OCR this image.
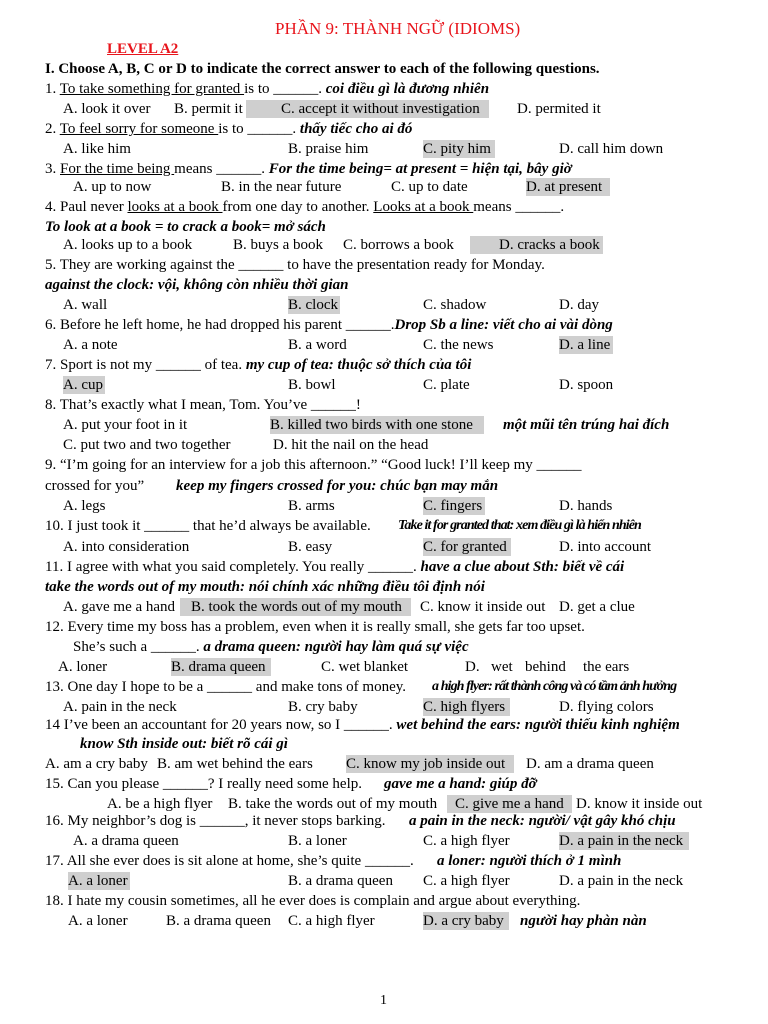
PHẦN 9: THÀNH NGỮ (IDIOMS)
LEVEL A2
I. Choose A, B, C or D to indicate the correct answer to each of the following questions.
1. To take something for granted is to ______. coi điều gì là đương nhiên
A. look it over B. permit it	C. accept it without investigation	D. permited it
2. To feel sorry for someone is to ______. thấy tiếc cho ai đó
A. like him	B. praise him	C. pity him	D. call him down
3. For the time being means ______. For the time being= at present = hiện tại, bây giờ
A. up to now	B. in the near future	C. up to date	D. at present
4. Paul never looks at a book from one day to another. Looks at a book means ______.
To look at a book = to crack a book= mở sách
A. looks up to a book	B. buys a book C. borrows a book	D. cracks a book
5. They are working against the ______ to have the presentation ready for Monday.
against the clock: vội, không còn nhiều thời gian
A. wall	B. clock	C. shadow	D. day
6. Before he left home, he had dropped his parent ______.Drop Sb a line: viết cho ai vài dòng
A. a note	B. a word	C. the news	D. a line
7. Sport is not my ______ of tea. my cup of tea: thuộc sở thích của tôi
A. cup	B. bowl	C. plate	D. spoon
8. That’s exactly what I mean, Tom. You’ve ______!
A. put your foot in it	B. killed two birds with one stone	một mũi tên trúng hai đích
C. put two and two together	D. hit the nail on the head
9. “I’m going for an interview for a job this afternoon.” “Good luck! I’ll keep my ______
crossed for you” keep my fingers crossed for you: chúc bạn may mắn
A. legs	B. arms	C. fingers	D. hands
10. I just took it ______ that he’d always be available. Take it for granted that: xem điều gì là hiển nhiên
A. into consideration	B. easy	C. for granted	D. into account
11. I agree with what you said completely. You really ______. have a clue about Sth: biết về cái
take the words out of my mouth: nói chính xác những điều tôi định nói
A. gave me a hand	B. took the words out of my mouth	C. know it inside out D. get a clue
12. Every time my boss has a problem, even when it is really small, she gets far too upset.
She’s such a ______. a drama queen: người hay làm quá sự việc
A. loner	B. drama queen	C. wet blanket	D. wet behind the ears
13. One day I hope to be a ______ and make tons of money. a high flyer: rất thành công và có tầm ảnh hưởng
A. pain in the neck	B. cry baby	C. high flyers	D. flying colors
14 I’ve been an accountant for 20 years now, so I ______. wet behind the ears: người thiếu kinh nghiệm
know Sth inside out: biết rõ cái gì
A. am a cry baby B. am wet behind the ears C. know my job inside out	D. am a drama queen
15. Can you please ______? I really need some help. gave me a hand: giúp đỡ
A. be a high flyer B. take the words out of my mouth	C. give me a hand D. know it inside out
16. My neighbor’s dog is ______, it never stops barking. a pain in the neck: người/ vật gây khó chịu
A. a drama queen	B. a loner	C. a high flyer	D. a pain in the neck
17. All she ever does is sit alone at home, she’s quite ______. a loner: người thích ở 1 mình
A. a loner	B. a drama queen C. a high flyer	D. a pain in the neck
18. I hate my cousin sometimes, all he ever does is complain and argue about everything.
A. a loner	B. a drama queen C. a high flyer	D. a cry baby	người hay phàn nàn
1
